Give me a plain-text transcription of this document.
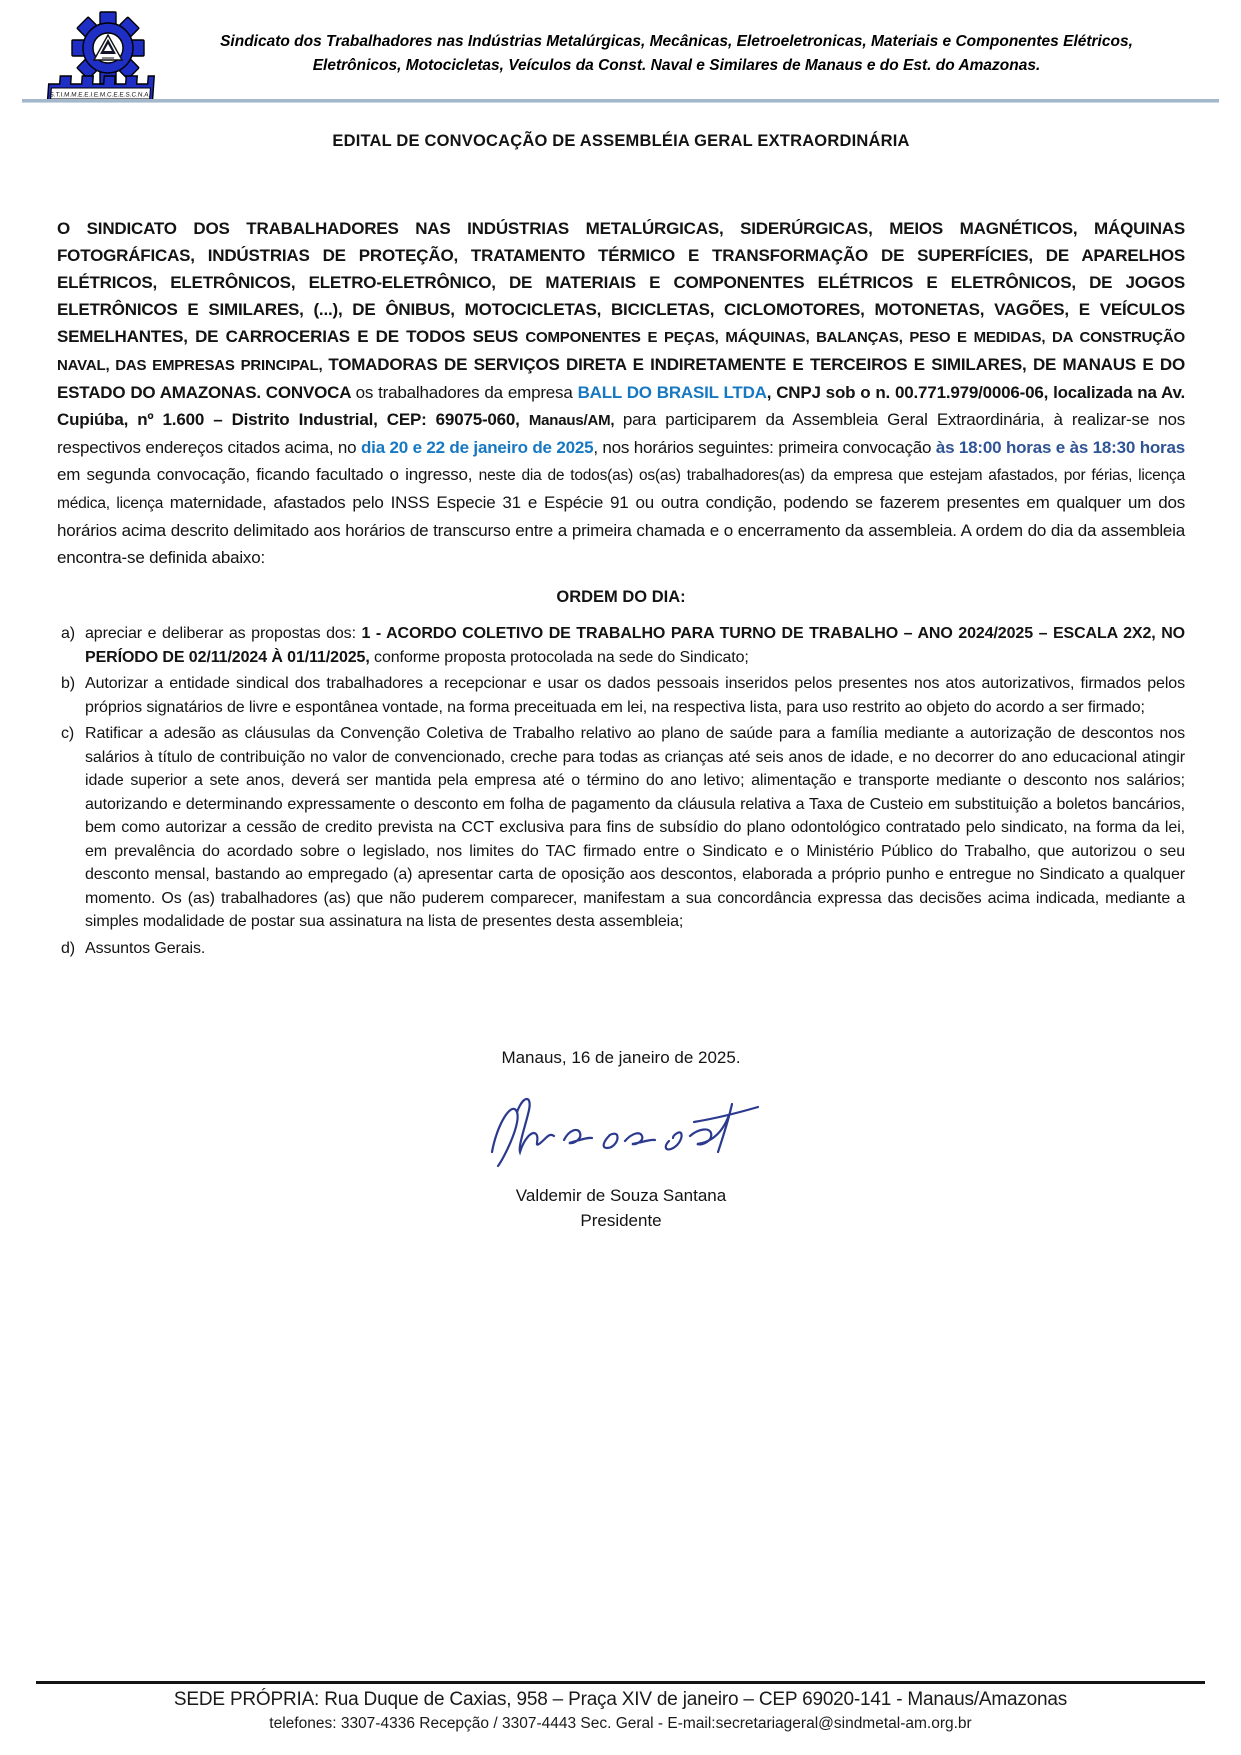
S.T.I.M.M.E.E.I.E.M.C.E.E.S.C.N.A.
Sindicato dos Trabalhadores nas Indústrias Metalúrgicas, Mecânicas, Eletroeletronicas, Materiais e Componentes Elétricos,
Eletrônicos, Motocicletas, Veículos da Const. Naval e Similares de Manaus e do Est. do Amazonas.
EDITAL DE CONVOCAÇÃO DE ASSEMBLÉIA GERAL EXTRAORDINÁRIA

O SINDICATO DOS TRABALHADORES NAS INDÚSTRIAS METALÚRGICAS, SIDERÚRGICAS, MEIOS MAGNÉTICOS, MÁQUINAS FOTOGRÁFICAS, INDÚSTRIAS DE PROTEÇÃO, TRATAMENTO TÉRMICO E TRANSFORMAÇÃO DE SUPERFÍCIES, DE APARELHOS ELÉTRICOS, ELETRÔNICOS, ELETRO-ELETRÔNICO, DE MATERIAIS E COMPONENTES ELÉTRICOS E ELETRÔNICOS, DE JOGOS ELETRÔNICOS E SIMILARES, (...), DE ÔNIBUS, MOTOCICLETAS, BICICLETAS, CICLOMOTORES, MOTONETAS, VAGÕES, E VEÍCULOS SEMELHANTES, DE CARROCERIAS E DE TODOS SEUS COMPONENTES E PEÇAS, MÁQUINAS, BALANÇAS, PESO E MEDIDAS, DA CONSTRUÇÃO NAVAL, DAS EMPRESAS PRINCIPAL, TOMADORAS DE SERVIÇOS DIRETA E INDIRETAMENTE E TERCEIROS E SIMILARES, DE MANAUS E DO ESTADO DO AMAZONAS. CONVOCA os trabalhadores da empresa BALL DO BRASIL LTDA, CNPJ sob o n. 00.771.979/0006-06, localizada na Av. Cupiúba, nº 1.600 – Distrito Industrial, CEP: 69075-060, Manaus/AM, para participarem da Assembleia Geral Extraordinária, à realizar-se nos respectivos endereços citados acima, no dia 20 e 22 de janeiro de 2025, nos horários seguintes: primeira convocação às 18:00 horas e às 18:30 horas em segunda convocação, ficando facultado o ingresso, neste dia de todos(as) os(as) trabalhadores(as) da empresa que estejam afastados, por férias, licença médica, licença maternidade, afastados pelo INSS Especie 31 e Espécie 91 ou outra condição, podendo se fazerem presentes em qualquer um dos horários acima descrito delimitado aos horários de transcurso entre a primeira chamada e o encerramento da assembleia. A ordem do dia da assembleia encontra-se definida abaixo:

ORDEM DO DIA:
a) apreciar e deliberar as propostas dos: 1 - ACORDO COLETIVO DE TRABALHO PARA TURNO DE TRABALHO – ANO 2024/2025 – ESCALA 2X2, NO PERÍODO DE 02/11/2024 À 01/11/2025, conforme proposta protocolada na sede do Sindicato;
b) Autorizar a entidade sindical dos trabalhadores a recepcionar e usar os dados pessoais inseridos pelos presentes nos atos autorizativos, firmados pelos próprios signatários de livre e espontânea vontade, na forma preceituada em lei, na respectiva lista, para uso restrito ao objeto do acordo a ser firmado;
c) Ratificar a adesão as cláusulas da Convenção Coletiva de Trabalho relativo ao plano de saúde para a família mediante a autorização de descontos nos salários à título de contribuição no valor de convencionado, creche para todas as crianças até seis anos de idade, e no decorrer do ano educacional atingir idade superior a sete anos, deverá ser mantida pela empresa até o término do ano letivo; alimentação e transporte mediante o desconto nos salários; autorizando e determinando expressamente o desconto em folha de pagamento da cláusula relativa a Taxa de Custeio em substituição a boletos bancários, bem como autorizar a cessão de credito prevista na CCT exclusiva para fins de subsídio do plano odontológico contratado pelo sindicato, na forma da lei, em prevalência do acordado sobre o legislado, nos limites do TAC firmado entre o Sindicato e o Ministério Público do Trabalho, que autorizou o seu desconto mensal, bastando ao empregado (a) apresentar carta de oposição aos descontos, elaborada a próprio punho e entregue no Sindicato a qualquer momento. Os (as) trabalhadores (as) que não puderem comparecer, manifestam a sua concordância expressa das decisões acima indicada, mediante a simples modalidade de postar sua assinatura na lista de presentes desta assembleia;
d) Assuntos Gerais.

Manaus, 16 de janeiro de 2025.

Valdemir de Souza Santana
Presidente
SEDE PRÓPRIA: Rua Duque de Caxias, 958 – Praça XIV de janeiro – CEP 69020-141 - Manaus/Amazonas
telefones: 3307-4336 Recepção / 3307-4443 Sec. Geral - E-mail:secretariageral@sindmetal-am.org.br
